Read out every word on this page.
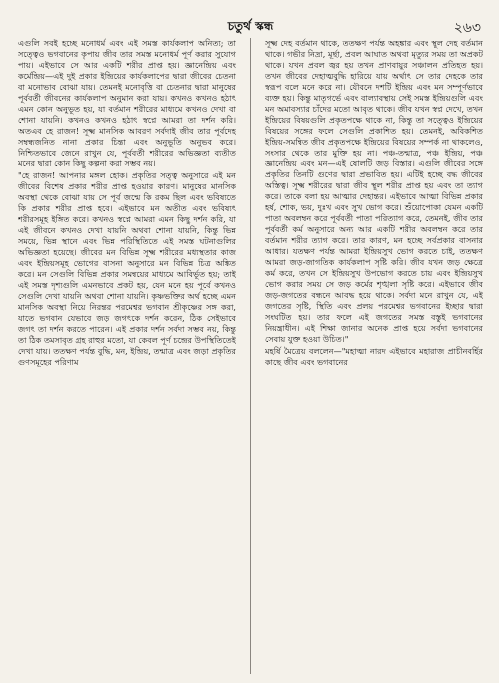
চতুর্থ স্কন্ধ	২৬৩

এগুলি সবই হচ্ছে মনোধর্ম এবং এই সমস্ত কার্যকলাপ অনিত্য; তা সত্ত্বেও ভগবানের কৃপায় জীব তার সমস্ত মনোধর্ম পূর্ণ করার সুযোগ পায়। এইভাবে সে আর একটি শরীর প্রাপ্ত হয়। জ্ঞানেন্দ্রিয় এবং কর্মেন্দ্রিয়—এই দুই প্রকার ইন্দ্রিয়ের কার্যকলাপের দ্বারা জীবের চেতনা বা মনোভাব বোঝা যায়। তেমনই মনোবৃত্তি বা চেতনার দ্বারা মানুষের পূর্ববর্তী জীবনের কার্যকলাপ অনুমান করা যায়। কখনও কখনও হঠাৎ এমন কোন অনুভূত হয়, যা বর্তমান শরীরের মাধ্যমে কখনও দেখা বা শোনা যায়নি। কখনও কখনও হঠাৎ স্বপ্নে আমরা তা দর্শন করি। অতএব হে রাজন! সূক্ষ্ম মানসিক আবরণ সর্বদাই জীব তার পূর্বদেহ সম্বন্ধজনিত নানা প্রকার চিন্তা এবং অনুভূতি অনুভব করে। নিশ্চিতভাবে জেনে রাখুন যে, পূর্ববর্তী শরীরের অভিজ্ঞতা ব্যতীত মনের দ্বারা কোন কিছু কল্পনা করা সম্ভব নয়।

"হে রাজন! আপনার মঙ্গল হোক। প্রকৃতির সত্ত্ব অনুসারে এই মন জীবের বিশেষ প্রকার শরীর প্রাপ্ত হওয়ার কারণ। মানুষের মানসিক অবস্থা থেকে বোঝা যায় সে পূর্ব জন্মে কি রকম ছিল এবং ভবিষ্যতে কি প্রকার শরীর প্রাপ্ত হবে। এইভাবে মন অতীত এবং ভবিষ্যৎ শরীরসমূহ ইঙ্গিত করে। কখনও স্বপ্নে আমরা এমন কিছু দর্শন করি, যা এই জীবনে কখনও দেখা যায়নি অথবা শোনা যায়নি, কিন্তু ভিন্ন সময়ে, ভিন্ন স্থানে এবং ভিন্ন পরিস্থিতিতে এই সমস্ত ঘটনাগুলির অভিজ্ঞতা হয়েছে। জীবের মন বিভিন্ন সূক্ষ্ম শরীরের মধ্যস্থতার কাজ এবং ইন্দ্রিয়সমূহ ভোগের বাসনা অনুসারে মন বিভিন্ন চিত্র অঙ্কিত করে। মন সেগুলি বিভিন্ন প্রকার সমন্বয়ের মাধ্যমে আবির্ভূত হয়; তাই এই সমস্ত দৃশ্যগুলি এমনভাবে প্রকট হয়, যেন মনে হয় পূর্বে কখনও সেগুলি দেখা যায়নি অথবা শোনা যায়নি। কৃষ্ণভক্তির অর্থ হচ্ছে এমন মানসিক অবস্থা নিয়ে নিরন্তর পরমেশ্বর ভগবান শ্রীকৃষ্ণের সঙ্গ করা, যাতে ভগবান যেভাবে জড় জগৎকে দর্শন করেন, ঠিক সেইভাবে জগৎ তা দর্শন করতে পারেন। এই প্রকার দর্শন সর্বদা সম্ভব নয়, কিন্তু তা ঠিক তমসাবৃত গ্রহ রাহুর মতো, যা কেবল পূর্ণ চন্দ্রের উপস্থিতিতেই দেখা যায়। ততক্ষণ পর্যন্ত বুদ্ধি, মন, ইন্দ্রিয়, তন্মাত্র এবং জড়া প্রকৃতির গুণসমূহের পরিণাম

সূক্ষ্ম দেহ বর্তমান থাকে, ততক্ষণ পর্যন্ত অহঙ্কার এবং স্থূল দেহ বর্তমান থাকে। গভীর নিদ্রা, মূর্ছা, প্রবল আঘাত অথবা মৃত্যুর সময় তা অপ্রকট থাকে। যখন প্রবল জ্বর হয় তখন প্রাণবায়ুর সঞ্চালন প্রতিহত হয়। তখন জীবের দেহাত্মবুদ্ধি হারিয়ে যায় অর্থাৎ সে তার দেহকে তার স্বরূপ বলে মনে করে না। যৌবনে দশটি ইন্দ্রিয় এবং মন সম্পূর্ণভাবে ব্যক্ত হয়। কিন্তু মাতৃগর্ভে এবং বাল্যাবস্থায় সেই সমস্ত ইন্দ্রিয়গুলি এবং মন অমাবস্যার চাঁদের মতো আবৃত থাকে। জীব যখন স্বপ্ন দেখে, তখন ইন্দ্রিয়ের বিষয়গুলি প্রকৃতপক্ষে থাকে না, কিন্তু তা সত্ত্বেও ইন্দ্রিয়ের বিষয়ের সঙ্গের ফলে সেগুলি প্রকাশিত হয়। তেমনই, অবিকশিত ইন্দ্রিয়-সমন্বিত জীব প্রকৃতপক্ষে ইন্দ্রিয়ের বিষয়ের সম্পর্ক না থাকলেও, সংসার থেকে তার মুক্তি হয় না। পঞ্চ-তন্মাত্র, পঞ্চ ইন্দ্রিয়, পঞ্চ জ্ঞানেন্দ্রিয় এবং মন—এই ষোলটি জড় বিস্তার। এগুলি জীবের সঙ্গে প্রকৃতির তিনটি গুণের দ্বারা প্রভাবিত হয়। এটিই হচ্ছে বদ্ধ জীবের অস্তিত্ব। সূক্ষ্ম শরীরের দ্বারা জীব স্থূল শরীর প্রাপ্ত হয় এবং তা ত্যাগ করে। তাকে বলা হয় আত্মার দেহান্তর। এইভাবে আত্মা বিভিন্ন প্রকার হর্ষ, শোক, ভয়, দুঃখ এবং সুখ ভোগ করে। শুঁয়োপোকা যেমন একটি পাতা অবলম্বন করে পূর্ববর্তী পাতা পরিত্যাগ করে, তেমনই, জীব তার পূর্ববর্তী কর্ম অনুসারে অন্য আর একটি শরীর অবলম্বন করে তার বর্তমান শরীর ত্যাগ করে। তার কারণ, মন হচ্ছে সর্বপ্রকার বাসনার আধার। যতক্ষণ পর্যন্ত আমরা ইন্দ্রিয়সুখ ভোগ করতে চাই, ততক্ষণ আমরা জড়-জাগতিক কার্যকলাপ সৃষ্টি করি। জীব যখন জড় ক্ষেত্রে কর্ম করে, তখন সে ইন্দ্রিয়সুখ উপভোগ করতে চায় এবং ইন্দ্রিয়সুখ ভোগ করার সময় সে জড় কর্মের শৃঙ্খলা সৃষ্টি করে। এইভাবে জীব জড়-জগতের বন্ধনে আবদ্ধ হয়ে থাকে। সর্বদা মনে রাখুন যে, এই জগতের সৃষ্টি, স্থিতি এবং প্রলয় পরমেশ্বর ভগবানের ইচ্ছার দ্বারা সংঘটিত হয়। তার ফলে এই জগতের সমস্ত বস্তুই ভগবানের নিয়ন্ত্রাধীন। এই শিক্ষা জানার অনেক প্রাপ্ত হয়ে সর্বদা ভগবানের সেবায় যুক্ত হওয়া উচিত।"

মহর্ষি মৈত্রেয় বললেন—"মহাত্মা নারদ এইভাবে মহারাজ প্রাচীনবর্হির কাছে জীব এবং ভগবানের
